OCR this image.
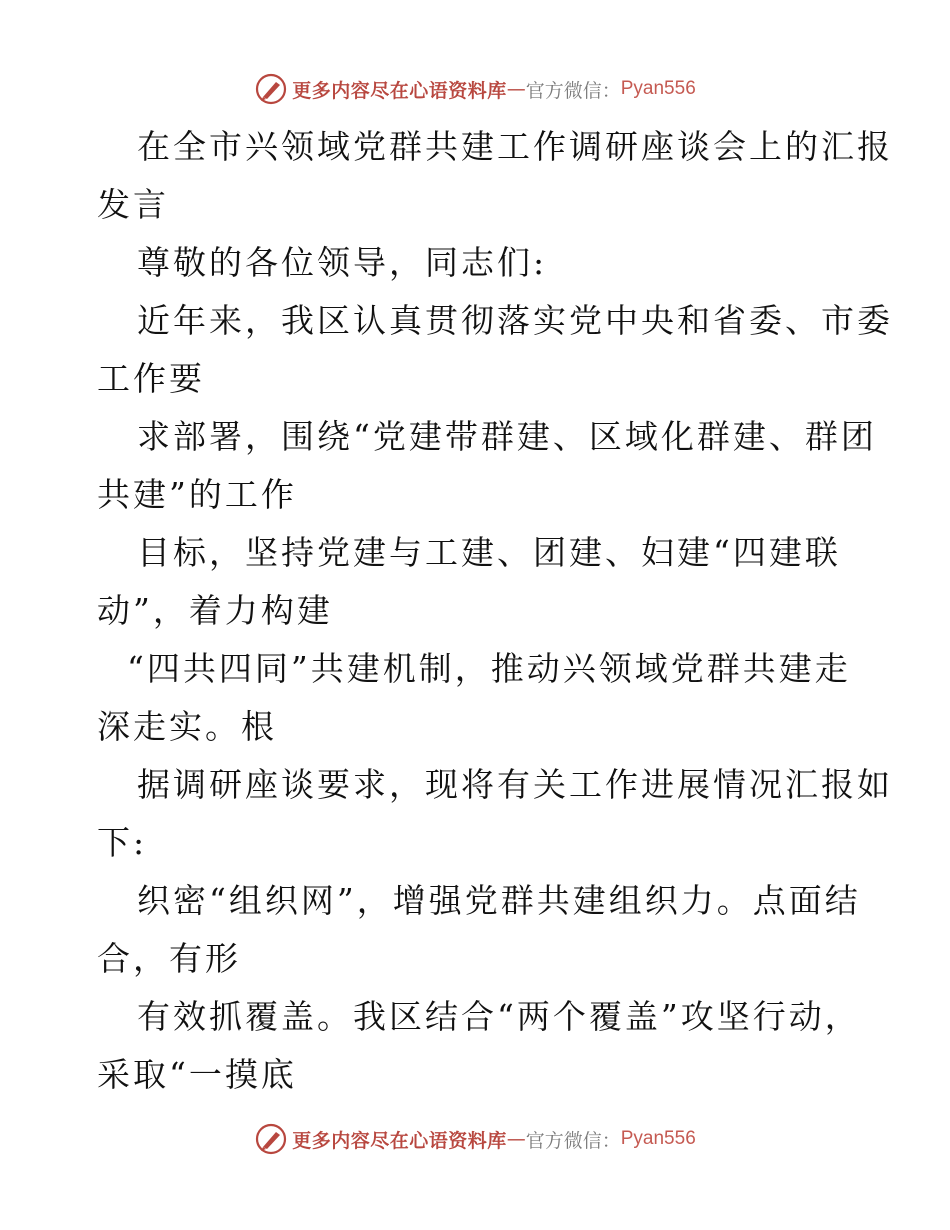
更多内容尽在心语资料库 — 官方微信： Pyan556
在全市兴领域党群共建工作调研座谈会上的汇报
发言
尊敬的各位领导，同志们:
近年来，我区认真贯彻落实党中央和省委、市委
工作要
求部署，围绕“党建带群建、区域化群建、群团
共建”的工作
目标，坚持党建与工建、团建、妇建“四建联
动”，着力构建
“四共四同”共建机制，推动兴领域党群共建走
深走实。根
据调研座谈要求，现将有关工作进展情况汇报如
下:
织密“组织网”，增强党群共建组织力。点面结
合，有形
有效抓覆盖。我区结合“两个覆盖”攻坚行动，
采取“一摸底
更多内容尽在心语资料库 — 官方微信： Pyan556
